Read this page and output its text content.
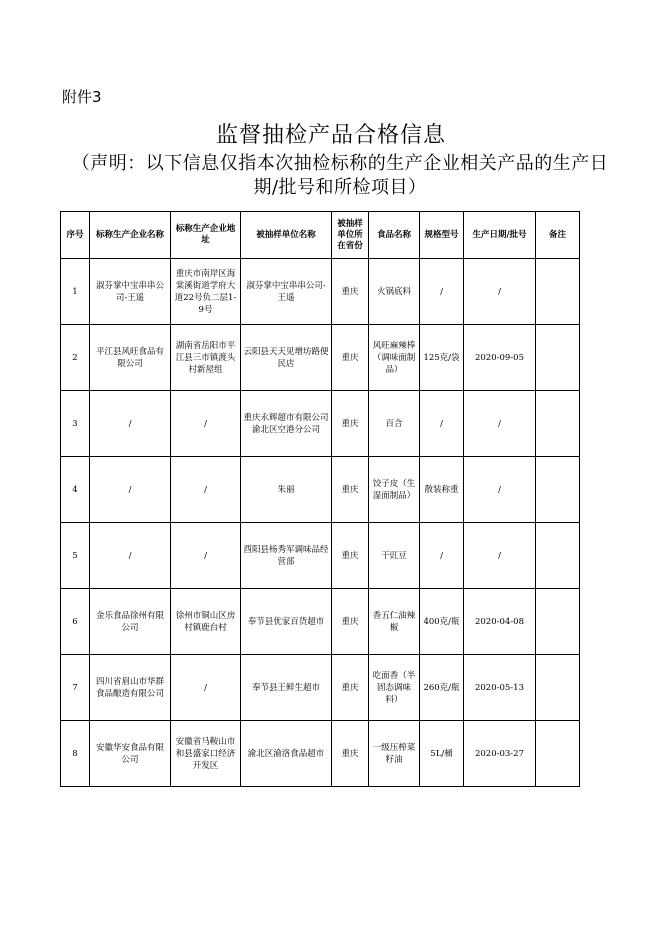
附件3
监督抽检产品合格信息
（声明：以下信息仅指本次抽检标称的生产企业相关产品的生产日期/批号和所检项目）
序号	标称生产企业名称	标称生产企业地址	被抽样单位名称	被抽样单位所在省份	食品名称	规格型号	生产日期/批号	备注
1	淑芬掌中宝串串公司-王遥	重庆市南岸区海棠溪街道学府大道22号负二层1-9号	淑芬掌中宝串串公司-王遥	重庆	火锅底料	/	/	
2	平江县风旺食品有限公司	湖南省岳阳市平江县三市镇渡头村新屋组	云阳县天天见增坊路便民店	重庆	风旺麻辣棒（调味面制品）	125克/袋	2020-09-05	
3	/	/	重庆永辉超市有限公司渝北区空港分公司	重庆	百合	/	/	
4	/	/	朱丽	重庆	饺子皮（生湿面制品）	散装称重	/	
5	/	/	酉阳县杨秀军调味品经营部	重庆	干豇豆	/	/	
6	金乐食品徐州有限公司	徐州市铜山区房村镇鹿台村	奉节县优家百货超市	重庆	香五仁油辣椒	400克/瓶	2020-04-08	
7	四川省眉山市华群食品酿造有限公司	/	奉节县王鲜生超市	重庆	吃面香（半固态调味料）	260克/瓶	2020-05-13	
8	安徽华安食品有限公司	安徽省马鞍山市和县盛家口经济开发区	渝北区渝洛食品超市	重庆	一级压榨菜籽油	5L/桶	2020-03-27	
